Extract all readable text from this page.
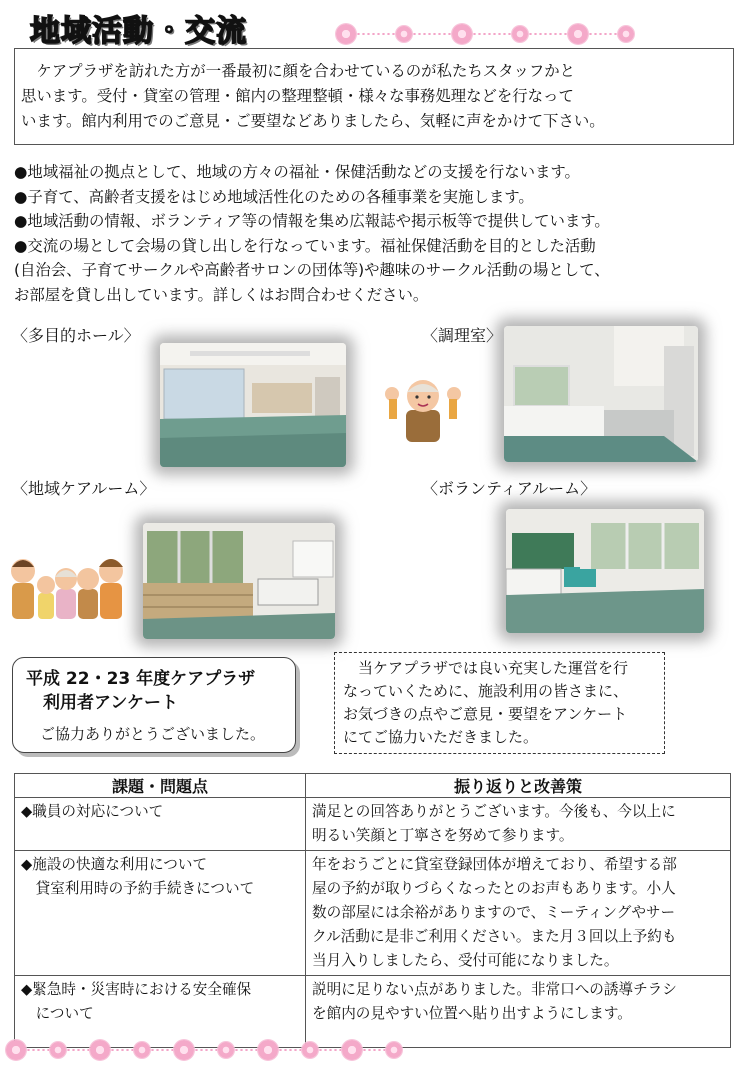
地域活動・交流
　ケアプラザを訪れた方が一番最初に顔を合わせているのが私たちスタッフかと
思います。受付・貸室の管理・館内の整理整頓・様々な事務処理などを行なって
います。館内利用でのご意見・ご要望などありましたら、気軽に声をかけて下さい。
●地域福祉の拠点として、地域の方々の福祉・保健活動などの支援を行ないます。
●子育て、高齢者支援をはじめ地域活性化のための各種事業を実施します。
●地域活動の情報、ボランティア等の情報を集め広報誌や掲示板等で提供しています。
●交流の場として会場の貸し出しを行なっています。福祉保健活動を目的とした活動
(自治会、子育てサークルや高齢者サロンの団体等)や趣味のサークル活動の場として、
お部屋を貸し出しています。詳しくはお問合わせください。
〈多目的ホール〉	〈調理室〉
〈地域ケアルーム〉	〈ボランティアルーム〉
平成 22・23 年度ケアプラザ
　利用者アンケート
ご協力ありがとうございました。
　当ケアプラザでは良い充実した運営を行
なっていくために、施設利用の皆さまに、
お気づきの点やご意見・要望をアンケート
にてご協力いただきました。
課題・問題点	振り返りと改善策

◆職員の対応について	満足との回答ありがとうございます。今後も、今以上に
明るい笑顔と丁寧さを努めて参ります。

◆施設の快適な利用について
　貸室利用時の予約手続きについて	年をおうごとに貸室登録団体が増えており、希望する部
屋の予約が取りづらくなったとのお声もあります。小人
数の部屋には余裕がありますので、ミーティングやサー
クル活動に是非ご利用ください。また月３回以上予約も
当月入りしましたら、受付可能になりました。

◆緊急時・災害時における安全確保
　について	説明に足りない点がありました。非常口への誘導チラシ
を館内の見やすい位置へ貼り出すようにします。
